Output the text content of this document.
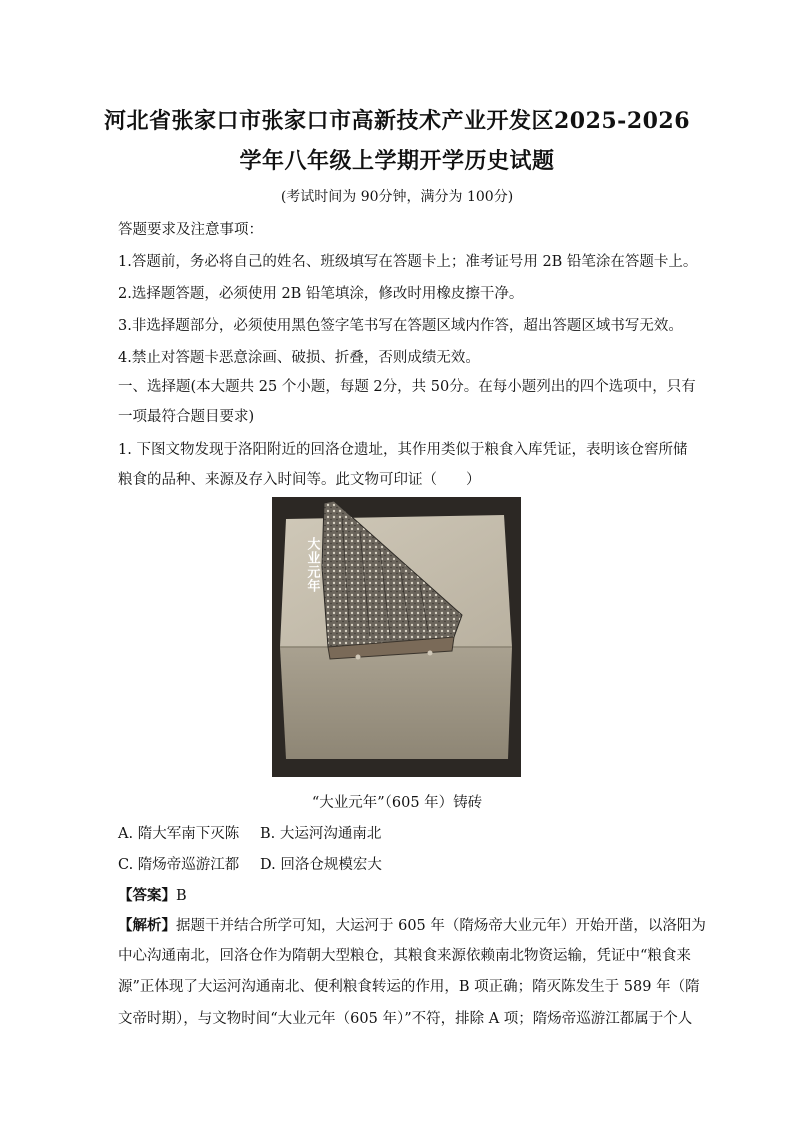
河北省张家口市张家口市高新技术产业开发区2025-2026
学年八年级上学期开学历史试题
(考试时间为 90分钟，满分为 100分)
答题要求及注意事项：
1.答题前，务必将自己的姓名、班级填写在答题卡上；准考证号用 2B 铅笔涂在答题卡上。
2.选择题答题，必须使用 2B 铅笔填涂，修改时用橡皮擦干净。
3.非选择题部分，必须使用黑色签字笔书写在答题区域内作答，超出答题区域书写无效。
4.禁止对答题卡恶意涂画、破损、折叠，否则成绩无效。
一、选择题(本大题共 25 个小题，每题 2分，共 50分。在每小题列出的四个选项中，只有
一项最符合题目要求)
1. 下图文物发现于洛阳附近的回洛仓遗址，其作用类似于粮食入库凭证，表明该仓窖所储
粮食的品种、来源及存入时间等。此文物可印证（　　）
大业元年
“大业元年”（605 年）铸砖
A. 隋大军南下灭陈 B. 大运河沟通南北
C. 隋炀帝巡游江都 D. 回洛仓规模宏大
【答案】B
【解析】据题干并结合所学可知，大运河于 605 年（隋炀帝大业元年）开始开凿，以洛阳为
中心沟通南北，回洛仓作为隋朝大型粮仓，其粮食来源依赖南北物资运输，凭证中“粮食来
源”正体现了大运河沟通南北、便利粮食转运的作用，B 项正确；隋灭陈发生于 589 年（隋
文帝时期），与文物时间“大业元年（605 年）”不符，排除 A 项；隋炀帝巡游江都属于个人
